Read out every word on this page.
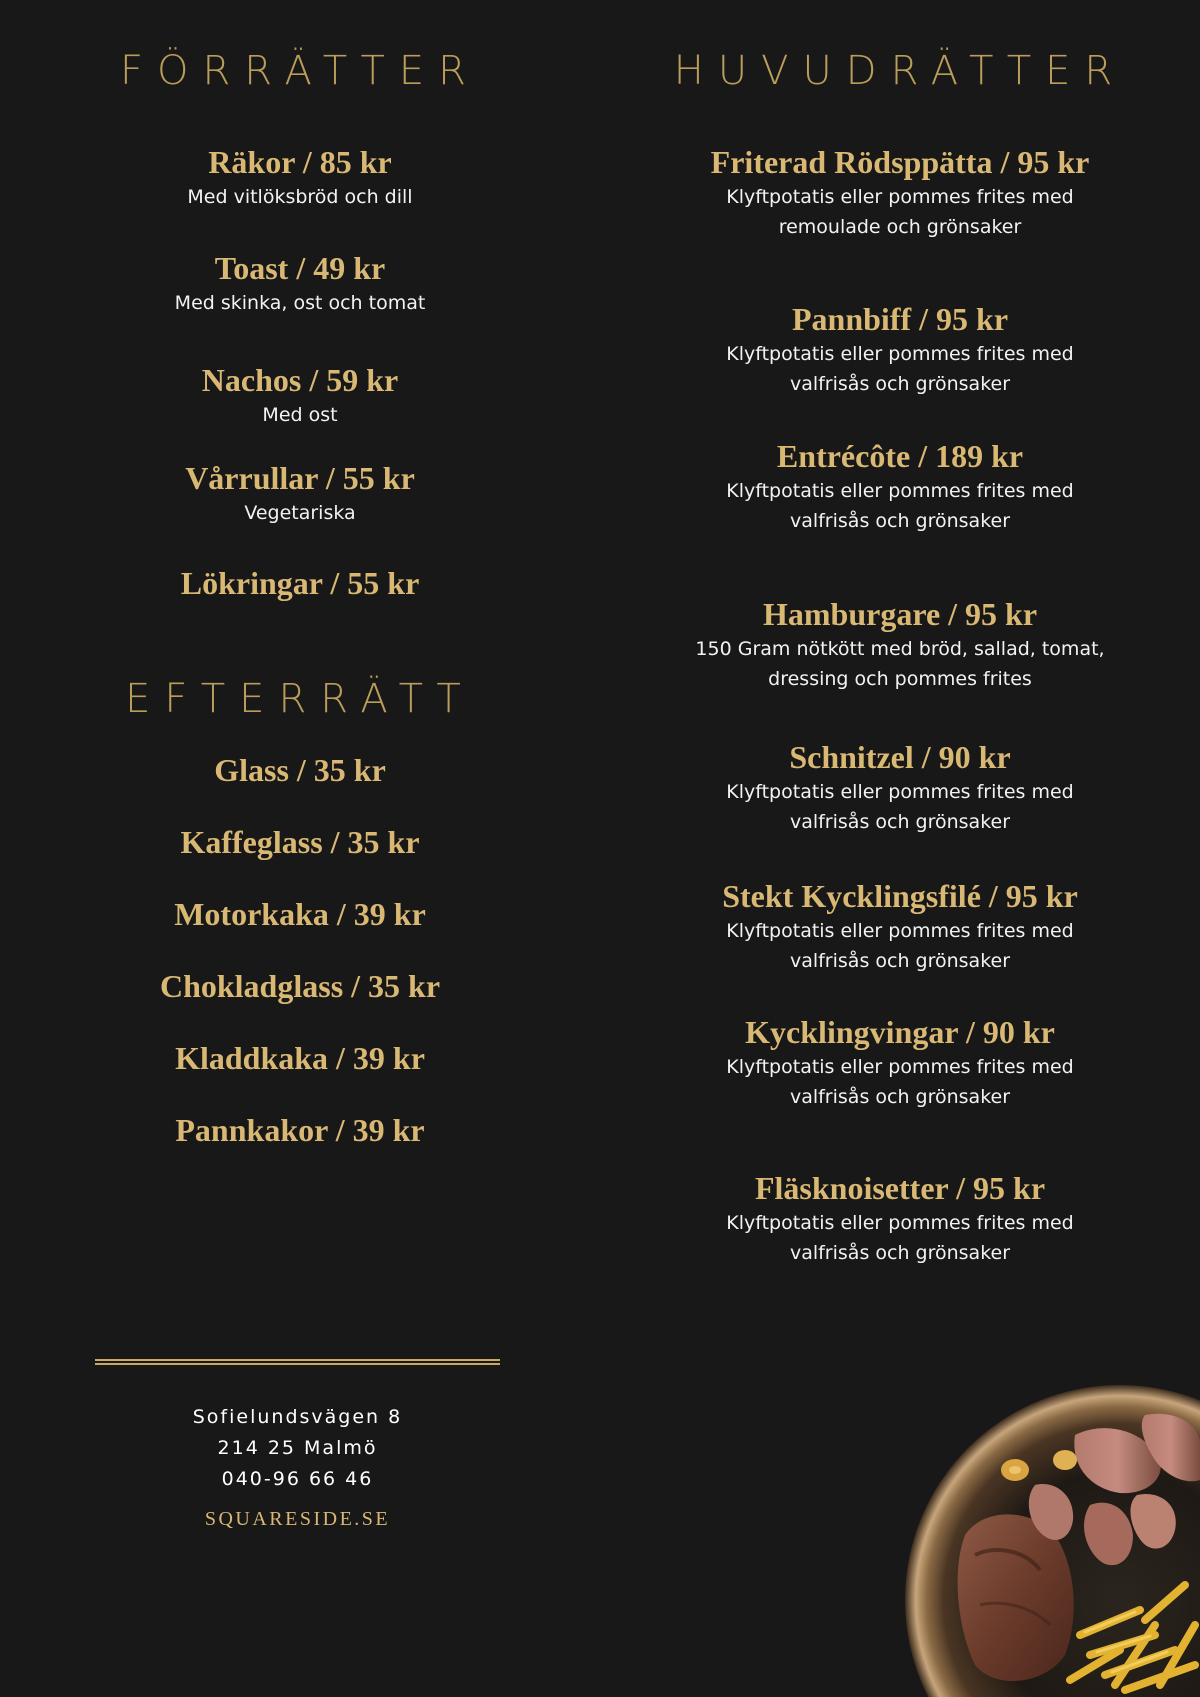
FÖRRÄTTER	HUVUDRÄTTER
EFTERRÄTT
Räkor / 85 kr
Med vitlöksbröd och dill
Toast / 49 kr
Med skinka, ost och tomat
Nachos / 59 kr
Med ost
Vårrullar / 55 kr
Vegetariska
Lökringar / 55 kr
Glass / 35 kr
Kaffeglass / 35 kr
Motorkaka / 39 kr
Chokladglass / 35 kr
Kladdkaka / 39 kr
Pannkakor / 39 kr
Friterad Rödsppätta / 95 kr
Klyftpotatis eller pommes frites med
remoulade och grönsaker
Pannbiff / 95 kr
Klyftpotatis eller pommes frites med
valfrisås och grönsaker
Entrécôte / 189 kr
Klyftpotatis eller pommes frites med
valfrisås och grönsaker
Hamburgare / 95 kr
150 Gram nötkött med bröd, sallad, tomat,
dressing och pommes frites
Schnitzel / 90 kr
Klyftpotatis eller pommes frites med
valfrisås och grönsaker
Stekt Kycklingsfilé / 95 kr
Klyftpotatis eller pommes frites med
valfrisås och grönsaker
Kycklingvingar / 90 kr
Klyftpotatis eller pommes frites med
valfrisås och grönsaker
Fläsknoisetter / 95 kr
Klyftpotatis eller pommes frites med
valfrisås och grönsaker
Sofielundsvägen 8
214 25 Malmö
040-96 66 46
SQUARESIDE.SE
